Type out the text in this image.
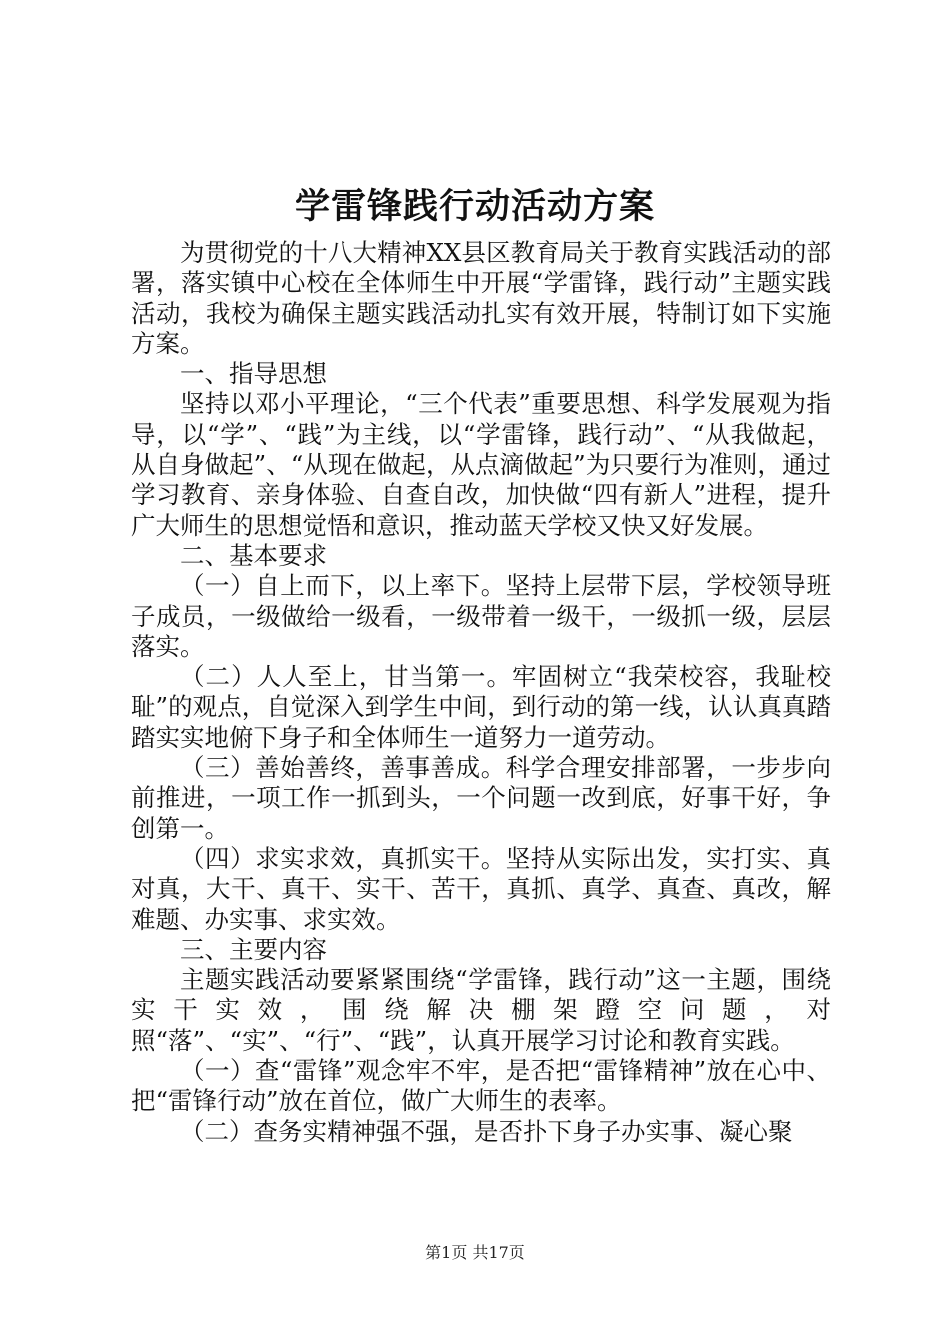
学雷锋践行动活动方案

为贯彻党的十八大精神XX县区教育局关于教育实践活动的部署，落实镇中心校在全体师生中开展“学雷锋，践行动”主题实践活动，我校为确保主题实践活动扎实有效开展，特制订如下实施方案。

一、指导思想

坚持以邓小平理论，“三个代表”重要思想、科学发展观为指导，以“学”、“践”为主线，以“学雷锋，践行动”、“从我做起，从自身做起”、“从现在做起，从点滴做起”为只要行为准则，通过学习教育、亲身体验、自查自改，加快做“四有新人”进程，提升广大师生的思想觉悟和意识，推动蓝天学校又快又好发展。

二、基本要求

（一）自上而下，以上率下。坚持上层带下层，学校领导班子成员，一级做给一级看，一级带着一级干，一级抓一级，层层落实。

（二）人人至上，甘当第一。牢固树立“我荣校容，我耻校耻”的观点，自觉深入到学生中间，到行动的第一线，认认真真踏踏实实地俯下身子和全体师生一道努力一道劳动。

（三）善始善终，善事善成。科学合理安排部署，一步步向前推进，一项工作一抓到头，一个问题一改到底，好事干好，争创第一。

（四）求实求效，真抓实干。坚持从实际出发，实打实、真对真，大干、真干、实干、苦干，真抓、真学、真查、真改，解难题、办实事、求实效。

三、主要内容

主题实践活动要紧紧围绕“学雷锋，践行动”这一主题，围绕实干实效，围绕解决棚架蹬空问题，对照“落”、“实”、“行”、“践”，认真开展学习讨论和教育实践。

（一）查“雷锋”观念牢不牢，是否把“雷锋精神”放在心中、把“雷锋行动”放在首位，做广大师生的表率。

（二）查务实精神强不强，是否扑下身子办实事、凝心聚

第1页 共17页
